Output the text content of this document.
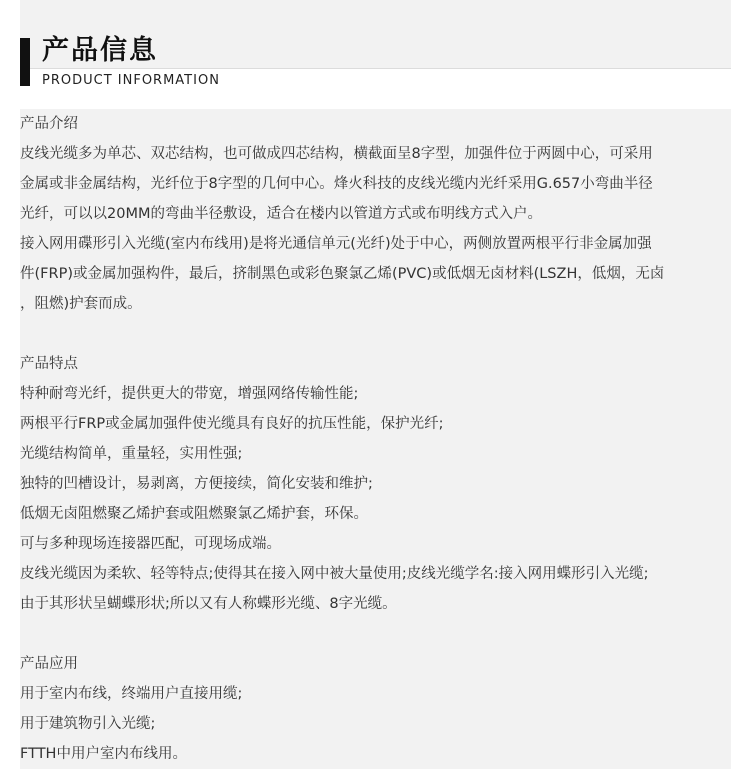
产品信息
PRODUCT INFORMATION
产品介绍
皮线光缆多为单芯、双芯结构，也可做成四芯结构，横截面呈8字型，加强件位于两圆中心，可采用
金属或非金属结构，光纤位于8字型的几何中心。烽火科技的皮线光缆内光纤采用G.657小弯曲半径
光纤，可以以20MM的弯曲半径敷设，适合在楼内以管道方式或布明线方式入户。
接入网用碟形引入光缆(室内布线用)是将光通信单元(光纤)处于中心，两侧放置两根平行非金属加强
件(FRP)或金属加强构件，最后，挤制黑色或彩色聚氯乙烯(PVC)或低烟无卤材料(LSZH，低烟，无卤
，阻燃)护套而成。
产品特点
特种耐弯光纤，提供更大的带宽，增强网络传输性能;
两根平行FRP或金属加强件使光缆具有良好的抗压性能，保护光纤;
光缆结构简单，重量轻，实用性强;
独特的凹槽设计，易剥离，方便接续，简化安装和维护;
低烟无卤阻燃聚乙烯护套或阻燃聚氯乙烯护套，环保。
可与多种现场连接器匹配，可现场成端。
皮线光缆因为柔软、轻等特点;使得其在接入网中被大量使用;皮线光缆学名:接入网用蝶形引入光缆;
由于其形状呈蝴蝶形状;所以又有人称蝶形光缆、8字光缆。
产品应用
用于室内布线，终端用户直接用缆;
用于建筑物引入光缆;
FTTH中用户室内布线用。
